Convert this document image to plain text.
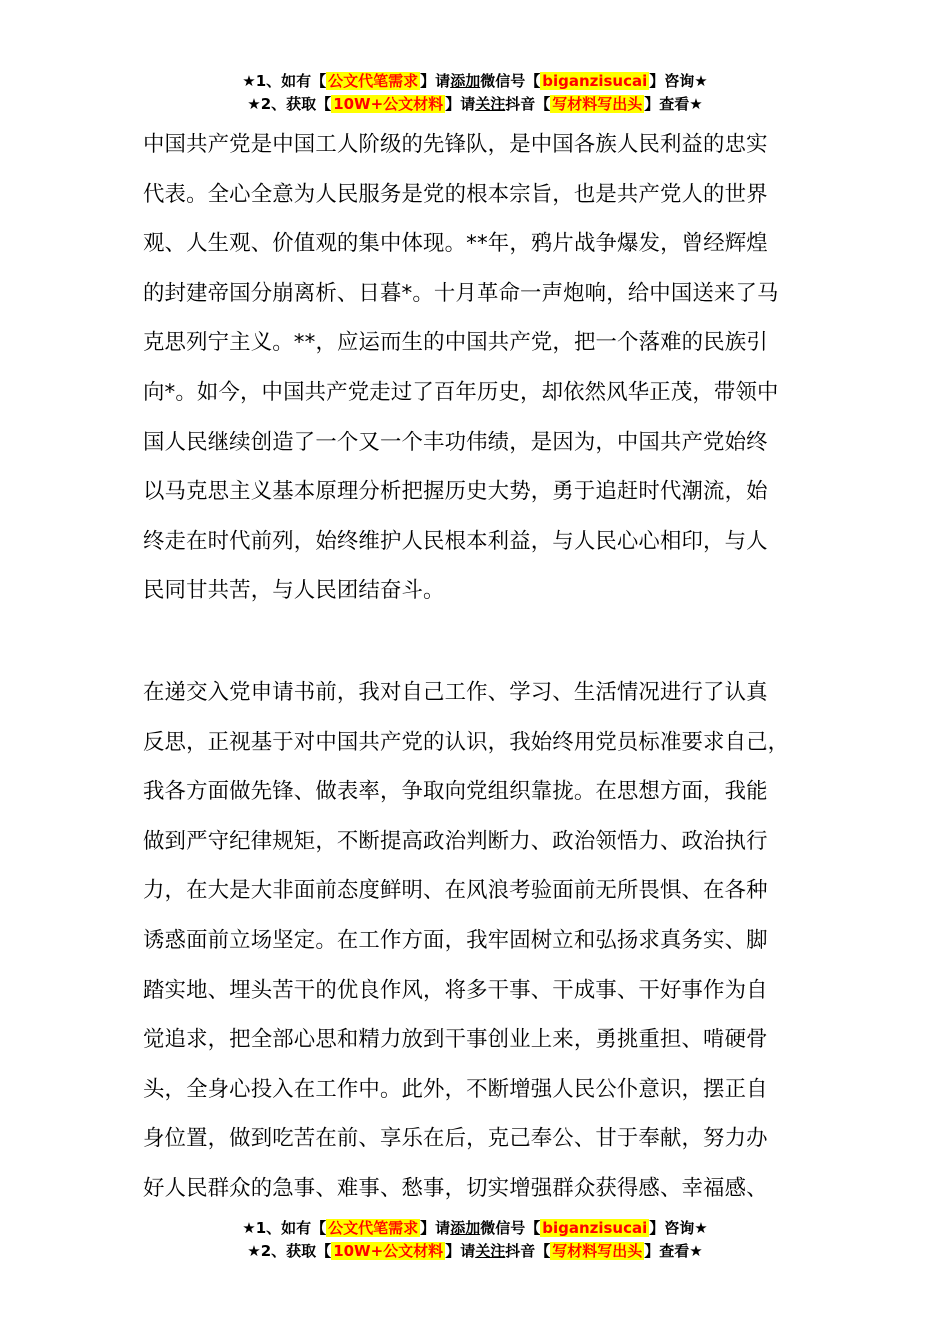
★1、如有【 公文代笔需求 】请添加微信号【 biganzisucai 】咨询★
★2、获取【 10W+公文材料 】请关注抖音【 写材料写出头 】查看★
中国共产党是中国工人阶级的先锋队，是中国各族人民利益的忠实
代表。全心全意为人民服务是党的根本宗旨，也是共产党人的世界
观、人生观、价值观的集中体现。**年，鸦片战争爆发，曾经辉煌
的封建帝国分崩离析、日暮*。十月革命一声炮响，给中国送来了马
克思列宁主义。**，应运而生的中国共产党，把一个落难的民族引
向*。如今，中国共产党走过了百年历史，却依然风华正茂，带领中
国人民继续创造了一个又一个丰功伟绩，是因为，中国共产党始终
以马克思主义基本原理分析把握历史大势，勇于追赶时代潮流，始
终走在时代前列，始终维护人民根本利益，与人民心心相印，与人
民同甘共苦，与人民团结奋斗。
在递交入党申请书前，我对自己工作、学习、生活情况进行了认真
反思，正视基于对中国共产党的认识，我始终用党员标准要求自己，
我各方面做先锋、做表率，争取向党组织靠拢。在思想方面，我能
做到严守纪律规矩，不断提高政治判断力、政治领悟力、政治执行
力，在大是大非面前态度鲜明、在风浪考验面前无所畏惧、在各种
诱惑面前立场坚定。在工作方面，我牢固树立和弘扬求真务实、脚
踏实地、埋头苦干的优良作风，将多干事、干成事、干好事作为自
觉追求，把全部心思和精力放到干事创业上来，勇挑重担、啃硬骨
头，全身心投入在工作中。此外，不断增强人民公仆意识，摆正自
身位置，做到吃苦在前、享乐在后，克己奉公、甘于奉献，努力办
好人民群众的急事、难事、愁事，切实增强群众获得感、幸福感、
★1、如有【 公文代笔需求 】请添加微信号【 biganzisucai 】咨询★
★2、获取【 10W+公文材料 】请关注抖音【 写材料写出头 】查看★
